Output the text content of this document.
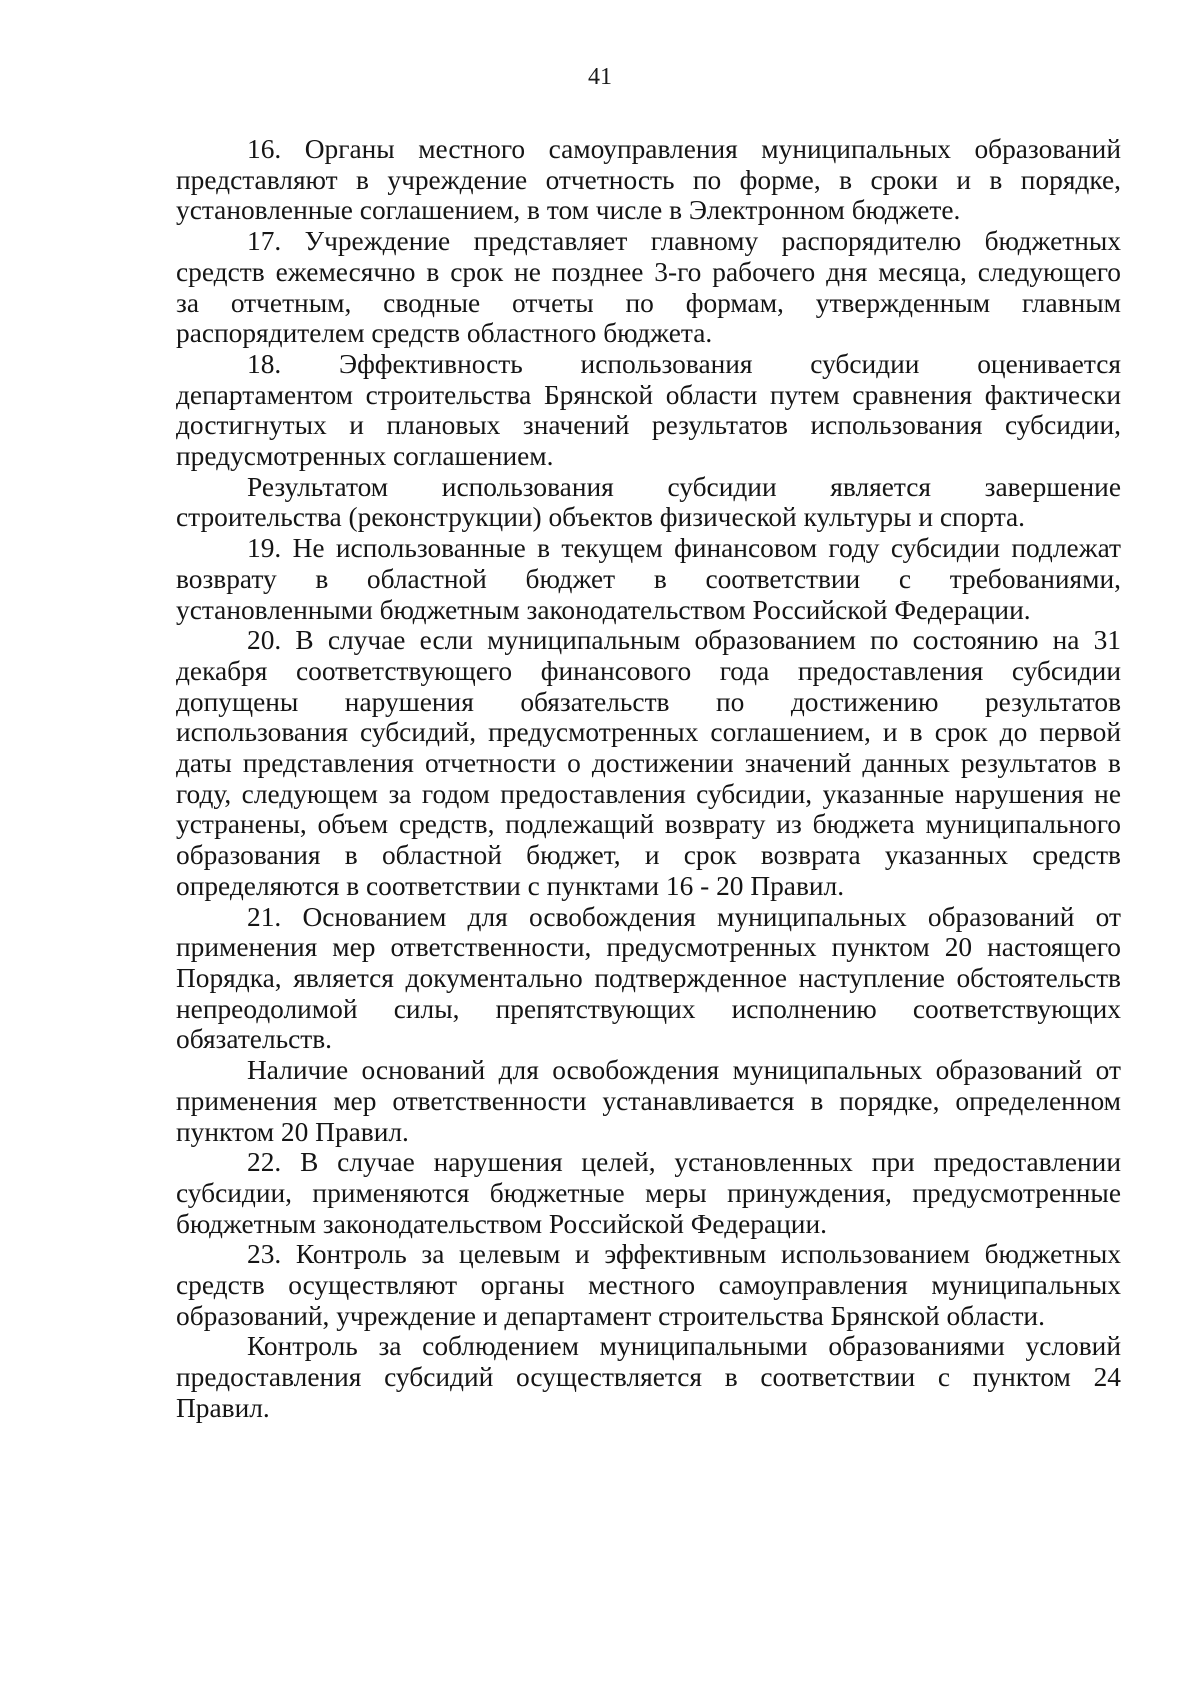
41
16. Органы местного самоуправления муниципальных образований
представляют в учреждение отчетность по форме, в сроки и в порядке,
установленные соглашением, в том числе в Электронном бюджете.
17. Учреждение представляет главному распорядителю бюджетных
средств ежемесячно в срок не позднее 3-го рабочего дня месяца, следующего
за отчетным, сводные отчеты по формам, утвержденным главным
распорядителем средств областного бюджета.
18. Эффективность использования субсидии оценивается
департаментом строительства Брянской области путем сравнения фактически
достигнутых и плановых значений результатов использования субсидии,
предусмотренных соглашением.
Результатом использования субсидии является завершение
строительства (реконструкции) объектов физической культуры и спорта.
19. Не использованные в текущем финансовом году субсидии подлежат
возврату в областной бюджет в соответствии с требованиями,
установленными бюджетным законодательством Российской Федерации.
20. В случае если муниципальным образованием по состоянию на 31
декабря соответствующего финансового года предоставления субсидии
допущены нарушения обязательств по достижению результатов
использования субсидий, предусмотренных соглашением, и в срок до первой
даты представления отчетности о достижении значений данных результатов в
году, следующем за годом предоставления субсидии, указанные нарушения не
устранены, объем средств, подлежащий возврату из бюджета муниципального
образования в областной бюджет, и срок возврата указанных средств
определяются в соответствии с пунктами 16 - 20 Правил.
21. Основанием для освобождения муниципальных образований от
применения мер ответственности, предусмотренных пунктом 20 настоящего
Порядка, является документально подтвержденное наступление обстоятельств
непреодолимой силы, препятствующих исполнению соответствующих
обязательств.
Наличие оснований для освобождения муниципальных образований от
применения мер ответственности устанавливается в порядке, определенном
пунктом 20 Правил.
22. В случае нарушения целей, установленных при предоставлении
субсидии, применяются бюджетные меры принуждения, предусмотренные
бюджетным законодательством Российской Федерации.
23. Контроль за целевым и эффективным использованием бюджетных
средств осуществляют органы местного самоуправления муниципальных
образований, учреждение и департамент строительства Брянской области.
Контроль за соблюдением муниципальными образованиями условий
предоставления субсидий осуществляется в соответствии с пунктом 24
Правил.
